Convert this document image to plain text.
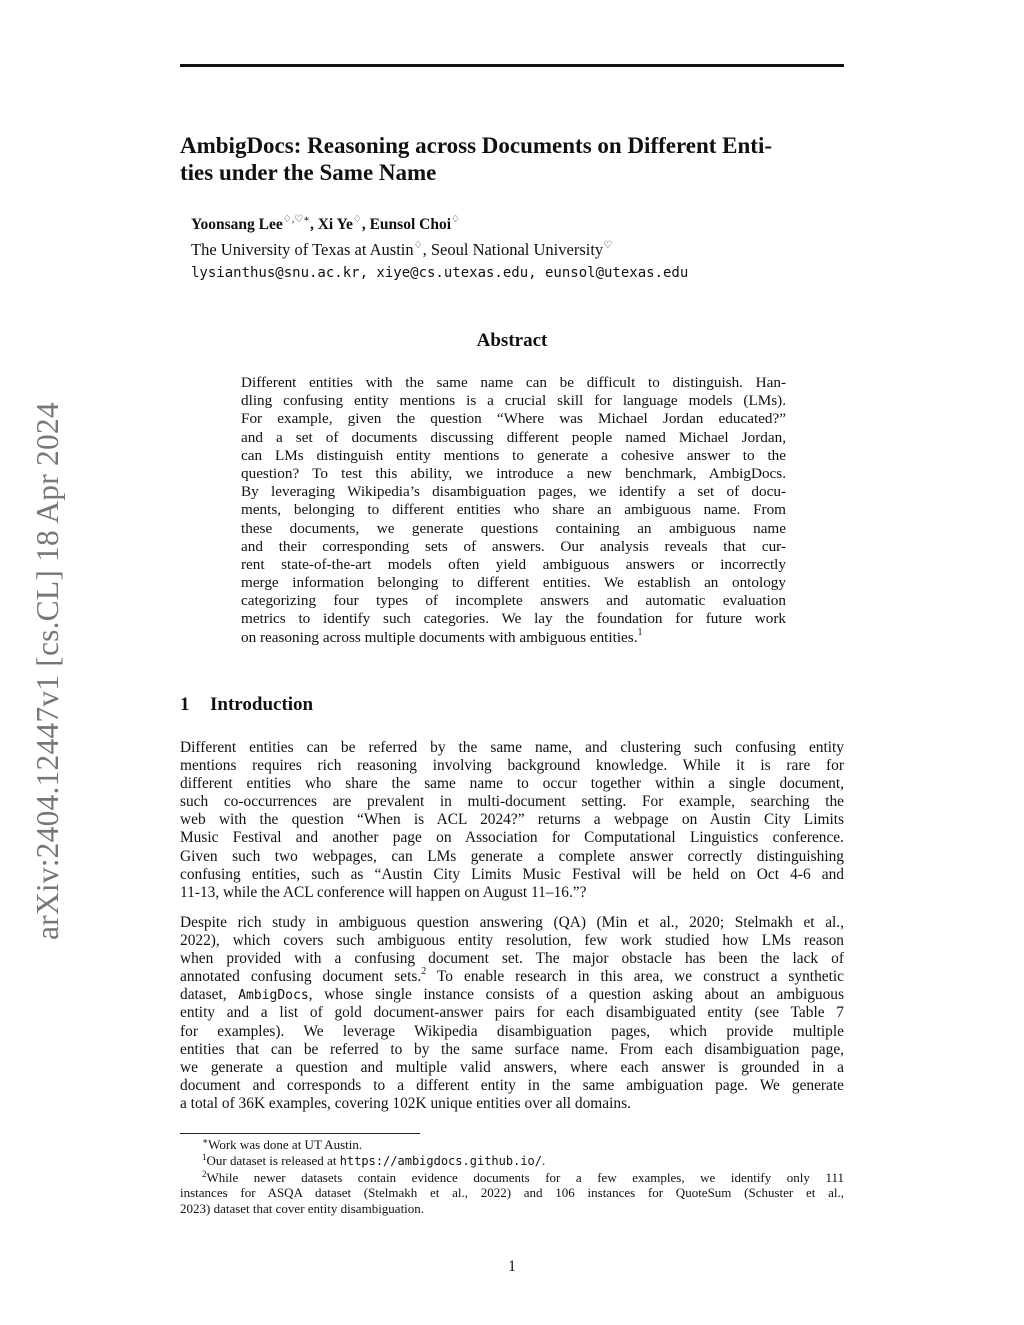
arXiv:2404.12447v1 [cs.CL] 18 Apr 2024
AmbigDocs: Reasoning across Documents on Different Enti-
ties under the Same Name
Yoonsang Lee♢,♡∗, Xi Ye♢, Eunsol Choi♢
The University of Texas at Austin♢, Seoul National University♡
lysianthus@snu.ac.kr, xiye@cs.utexas.edu, eunsol@utexas.edu
Abstract
Different entities with the same name can be difficult to distinguish. Han-
dling confusing entity mentions is a crucial skill for language models (LMs).
For example, given the question “Where was Michael Jordan educated?”
and a set of documents discussing different people named Michael Jordan,
can LMs distinguish entity mentions to generate a cohesive answer to the
question? To test this ability, we introduce a new benchmark, AmbigDocs.
By leveraging Wikipedia’s disambiguation pages, we identify a set of docu-
ments, belonging to different entities who share an ambiguous name. From
these documents, we generate questions containing an ambiguous name
and their corresponding sets of answers. Our analysis reveals that cur-
rent state-of-the-art models often yield ambiguous answers or incorrectly
merge information belonging to different entities. We establish an ontology
categorizing four types of incomplete answers and automatic evaluation
metrics to identify such categories. We lay the foundation for future work
on reasoning across multiple documents with ambiguous entities.$^1$
1 Introduction
Different entities can be referred by the same name, and clustering such confusing entity
mentions requires rich reasoning involving background knowledge. While it is rare for
different entities who share the same name to occur together within a single document,
such co-occurrences are prevalent in multi-document setting. For example, searching the
web with the question “When is ACL 2024?” returns a webpage on Austin City Limits
Music Festival and another page on Association for Computational Linguistics conference.
Given such two webpages, can LMs generate a complete answer correctly distinguishing
confusing entities, such as “Austin City Limits Music Festival will be held on Oct 4-6 and
11-13, while the ACL conference will happen on August 11–16.”?
Despite rich study in ambiguous question answering (QA) (Min et al., 2020; Stelmakh et al.,
2022), which covers such ambiguous entity resolution, few work studied how LMs reason
when provided with a confusing document set. The major obstacle has been the lack of
annotated confusing document sets.$^2$ To enable research in this area, we construct a synthetic
dataset, AmbigDocs, whose single instance consists of a question asking about an ambiguous
entity and a list of gold document-answer pairs for each disambiguated entity (see Table 7
for examples). We leverage Wikipedia disambiguation pages, which provide multiple
entities that can be referred to by the same surface name. From each disambiguation page,
we generate a question and multiple valid answers, where each answer is grounded in a
document and corresponds to a different entity in the same ambiguation page. We generate
a total of 36K examples, covering 102K unique entities over all domains.
∗Work was done at UT Austin.
$^1$Our dataset is released at https://ambigdocs.github.io/.
$^2$While newer datasets contain evidence documents for a few examples, we identify only 111
instances for ASQA dataset (Stelmakh et al., 2022) and 106 instances for QuoteSum (Schuster et al.,
2023) dataset that cover entity disambiguation.
1
